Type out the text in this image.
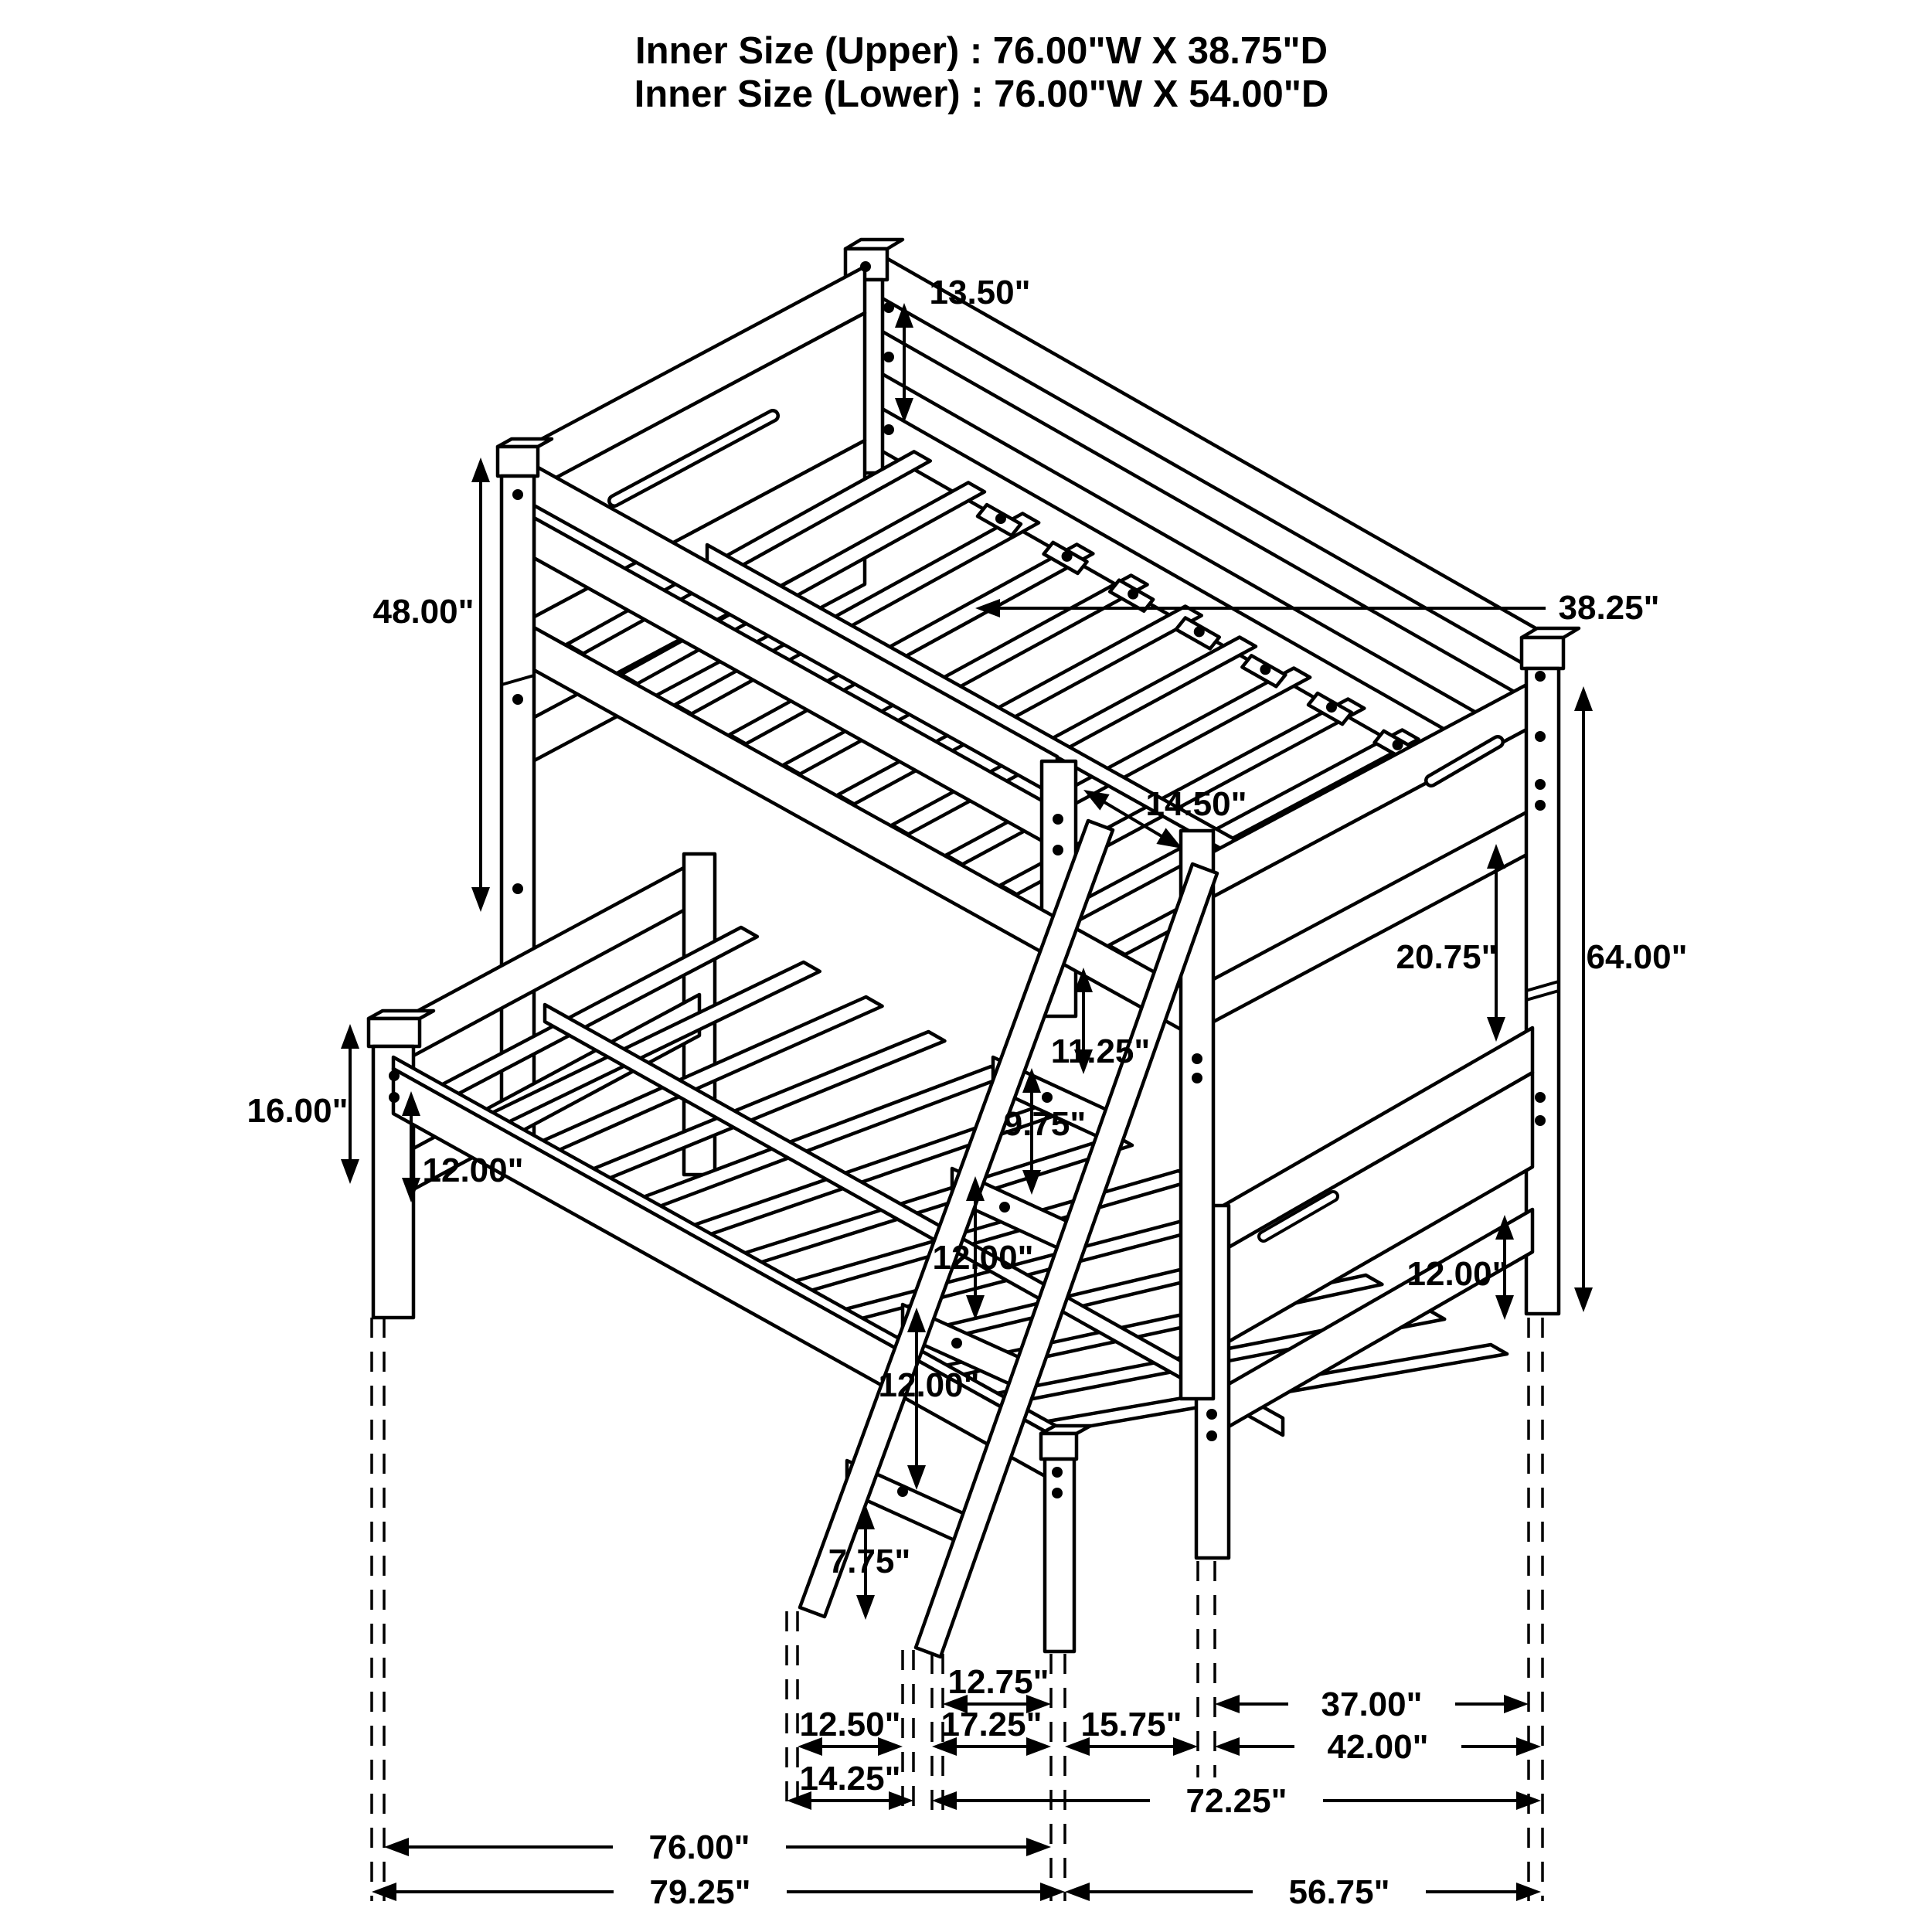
Inner Size (Upper) : 76.00"W X 38.75"D
Inner Size (Lower) : 76.00"W X 54.00"D
13.50"
38.25"
48.00"
14.50"
64.00"
20.75"
11.25"
16.00"
12.00"
9.75"
12.00"
12.00"
12.00"
7.75"
12.75"
37.00"
12.50" 17.25" 15.75"
42.00"
14.25"
72.25"
76.00"
79.25"	56.75"
